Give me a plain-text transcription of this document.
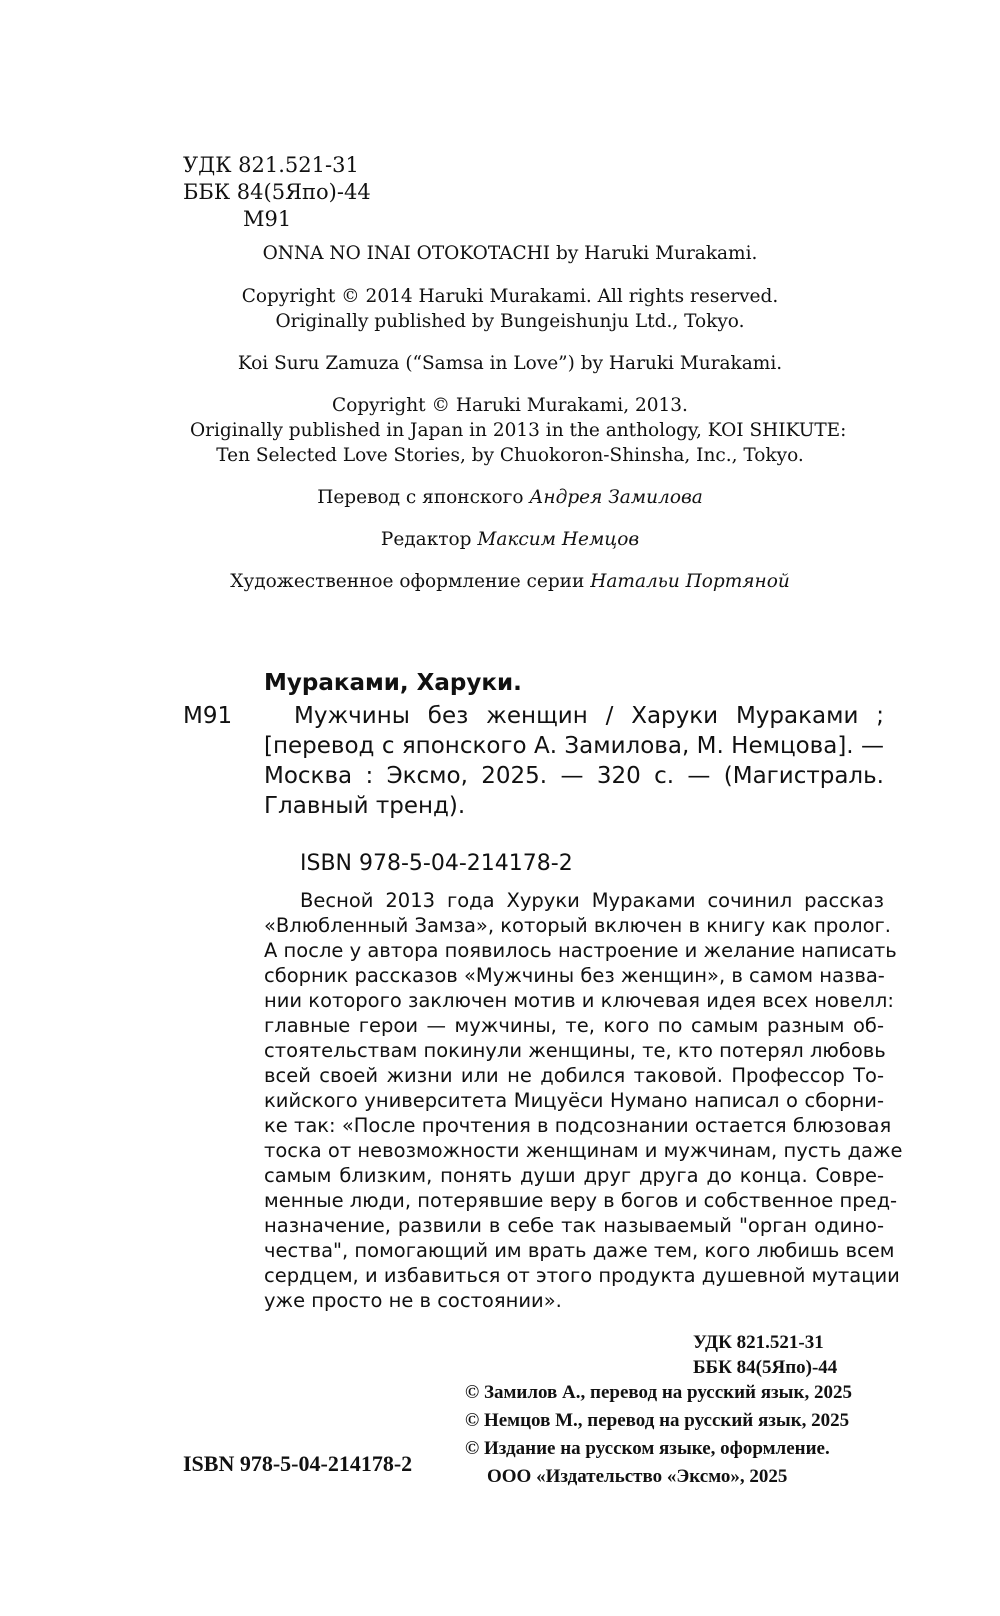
УДК 821.521-31
ББК 84(5Япо)-44
М91
ONNA NO INAI OTOKOTACHI by Haruki Murakami.
Copyright © 2014 Haruki Murakami. All rights reserved.
Originally published by Bungeishunju Ltd., Tokyo.
Koi Suru Zamuza (“Samsa in Love”) by Haruki Murakami.
Copyright © Haruki Murakami, 2013.
Originally published in Japan in 2013 in the anthology, KOI SHIKUTE:
Ten Selected Love Stories, by Chuokoron-Shinsha, Inc., Tokyo.
Перевод с японского Андрея Замилова
Редактор Максим Немцов
Художественное оформление серии Натальи Портяной
Мураками, Харуки.
М91	Мужчины без женщин / Харуки Мураками ;
[перевод с японского А. Замилова, М. Немцова]. —
Москва : Эксмо, 2025. — 320 с. — (Магистраль.
Главный тренд).
ISBN 978-5-04-214178-2
Весной 2013 года Хуруки Мураками сочинил рассказ
«Влюбленный Замза», который включен в книгу как пролог.
А после у автора появилось настроение и желание написать
сборник рассказов «Мужчины без женщин», в самом назва-
нии которого заключен мотив и ключевая идея всех новелл:
главные герои — мужчины, те, кого по самым разным об-
стоятельствам покинули женщины, те, кто потерял любовь
всей своей жизни или не добился таковой. Профессор То-
кийского университета Мицуёси Нумано написал о сборни-
ке так: «После прочтения в подсознании остается блюзовая
тоска от невозможности женщинам и мужчинам, пусть даже
самым близким, понять души друг друга до конца. Совре-
менные люди, потерявшие веру в богов и собственное пред-
назначение, развили в себе так называемый "орган одино-
чества", помогающий им врать даже тем, кого любишь всем
сердцем, и избавиться от этого продукта душевной мутации
уже просто не в состоянии».
УДК 821.521-31
ББК 84(5Япо)-44
© Замилов А., перевод на русский язык, 2025
© Немцов М., перевод на русский язык, 2025
© Издание на русском языке, оформление.
ООО «Издательство «Эксмо», 2025
ISBN 978-5-04-214178-2
